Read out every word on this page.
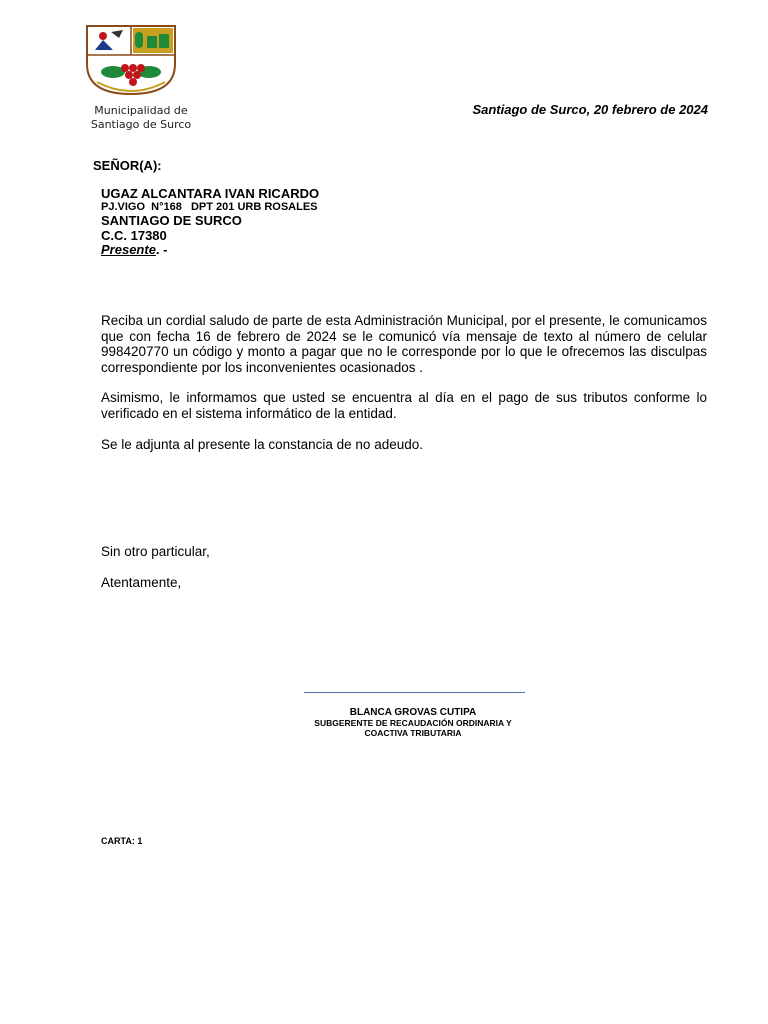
Municipalidad de
Santiago de Surco
Santiago de Surco, 20 febrero de 2024
SEÑOR(A):
UGAZ ALCANTARA IVAN RICARDO
PJ.VIGO  N°168   DPT 201 URB ROSALES
SANTIAGO DE SURCO
C.C. 17380
Presente. -
Reciba un cordial saludo de parte de esta Administración Municipal, por el presente, le comunicamos que con fecha 16 de febrero de 2024 se le comunicó vía mensaje de texto al número de celular 998420770 un código y monto a pagar que no le corresponde por lo que le ofrecemos las disculpas correspondiente por los inconvenientes ocasionados .
Asimismo, le informamos que usted se encuentra al día en el pago de sus tributos conforme lo verificado en el sistema informático de la entidad.
Se le adjunta al presente la constancia de no adeudo.
Sin otro particular,
Atentamente,
BLANCA GROVAS CUTIPA
SUBGERENTE DE RECAUDACIÓN ORDINARIA Y
COACTIVA TRIBUTARIA
CARTA: 1
